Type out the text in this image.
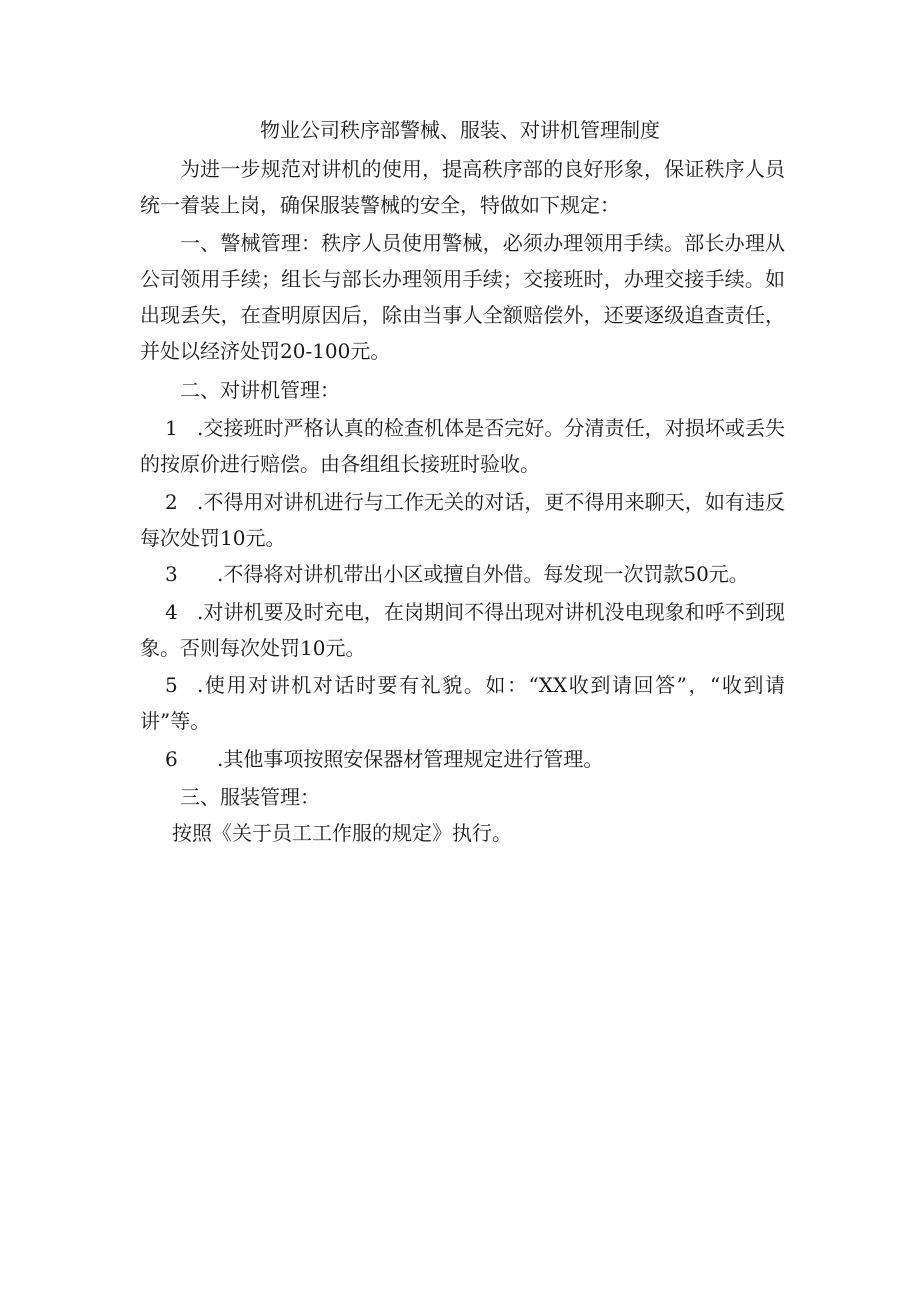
物业公司秩序部警械、服装、对讲机管理制度

为进一步规范对讲机的使用，提高秩序部的良好形象，保证秩序人员统一着装上岗，确保服装警械的安全，特做如下规定：

一、警械管理：秩序人员使用警械，必须办理领用手续。部长办理从公司领用手续；组长与部长办理领用手续；交接班时，办理交接手续。如出现丢失，在查明原因后，除由当事人全额赔偿外，还要逐级追查责任，并处以经济处罚20-100元。

二、对讲机管理：

1 .交接班时严格认真的检查机体是否完好。分清责任，对损坏或丢失的按原价进行赔偿。由各组组长接班时验收。

2 .不得用对讲机进行与工作无关的对话，更不得用来聊天，如有违反每次处罚10元。

3 .不得将对讲机带出小区或擅自外借。每发现一次罚款50元。

4 .对讲机要及时充电，在岗期间不得出现对讲机没电现象和呼不到现象。否则每次处罚10元。

5 .使用对讲机对话时要有礼貌。如：“XX收到请回答”，“收到请讲”等。

6 .其他事项按照安保器材管理规定进行管理。

三、服装管理：

按照《关于员工工作服的规定》执行。
